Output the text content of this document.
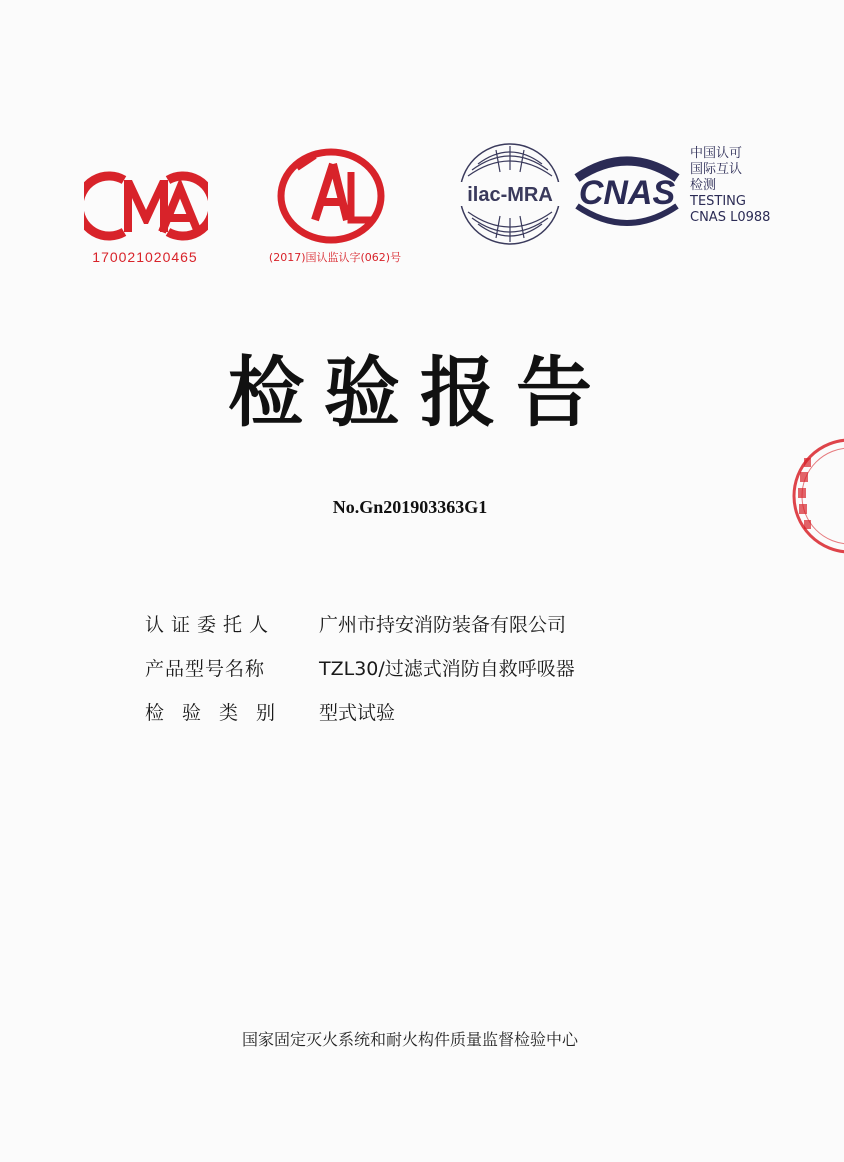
170021020465	(2017)国认监认字(062)号
ilac-MRA CNAS
中国认可
国际互认
检测
TESTING
CNAS L0988
检验报告
No.Gn201903363G1
认证委托人	广州市持安消防装备有限公司
产品型号名称	TZL30/过滤式消防自救呼吸器
检验类别 型式试验
国家固定灭火系统和耐火构件质量监督检验中心
